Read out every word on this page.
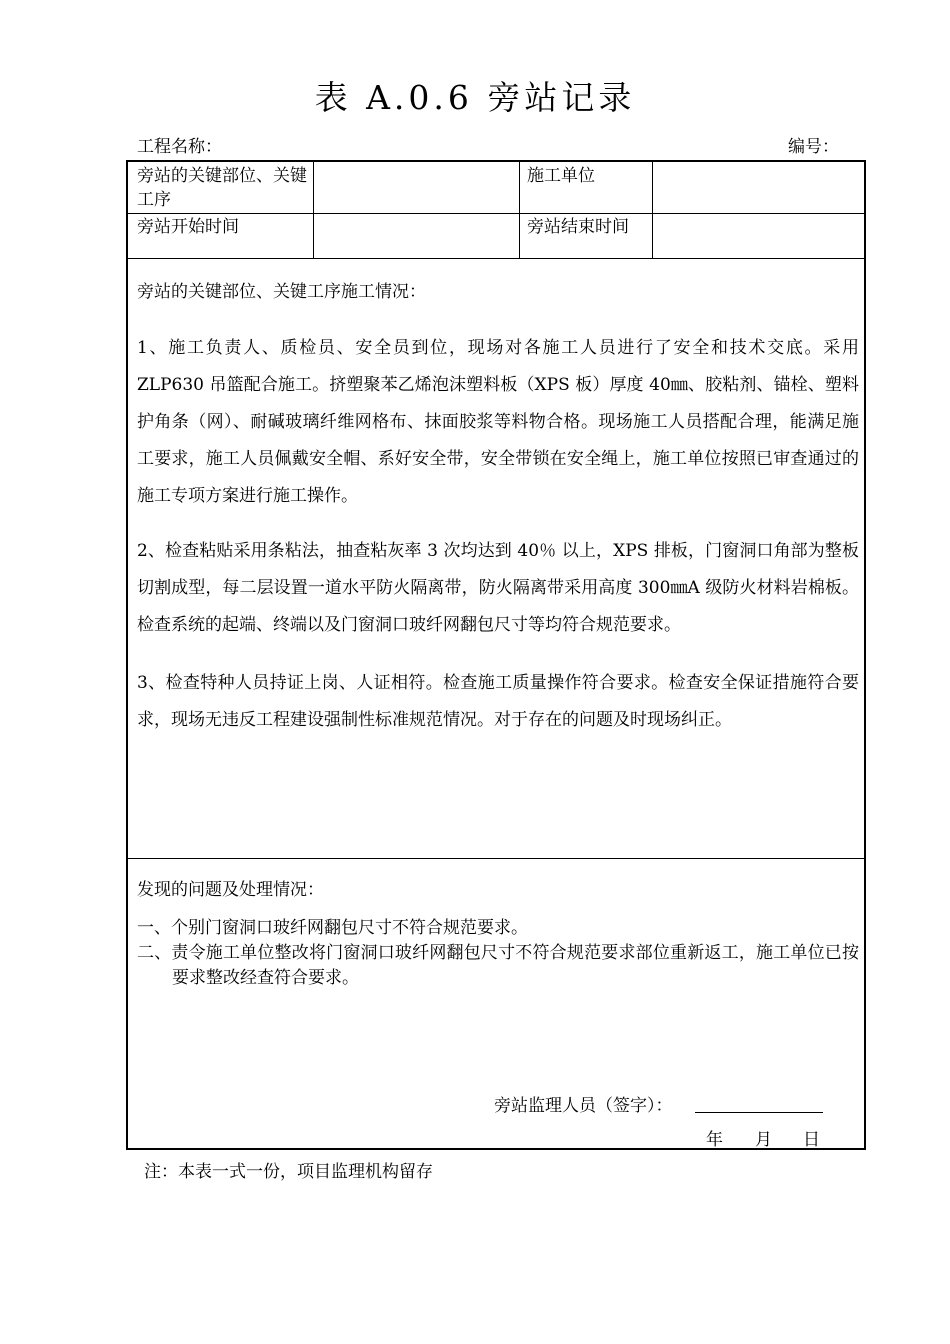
表 A.0.6 旁站记录
工程名称：	编号：
旁站的关键部位、关键工序
施工单位
旁站开始时间	旁站结束时间
旁站的关键部位、关键工序施工情况：
1、施工负责人、质检员、安全员到位，现场对各施工人员进行了安全和技术交底。采用 ZLP630 吊篮配合施工。挤塑聚苯乙烯泡沫塑料板（XPS 板）厚度 40㎜、胶粘剂、锚栓、塑料护角条（网）、耐碱玻璃纤维网格布、抹面胶浆等料物合格。现场施工人员搭配合理，能满足施工要求，施工人员佩戴安全帽、系好安全带，安全带锁在安全绳上，施工单位按照已审查通过的施工专项方案进行施工操作。
2、检查粘贴采用条粘法，抽查粘灰率 3 次均达到 40％ 以上，XPS 排板，门窗洞口角部为整板切割成型，每二层设置一道水平防火隔离带，防火隔离带采用高度 300㎜A 级防火材料岩棉板。检查系统的起端、终端以及门窗洞口玻纤网翻包尺寸等均符合规范要求。
3、检查特种人员持证上岗、人证相符。检查施工质量操作符合要求。检查安全保证措施符合要求，现场无违反工程建设强制性标准规范情况。对于存在的问题及时现场纠正。
发现的问题及处理情况：
一、个别门窗洞口玻纤网翻包尺寸不符合规范要求。
二、责令施工单位整改将门窗洞口玻纤网翻包尺寸不符合规范要求部位重新返工，施工单位已按要求整改经查符合要求。
旁站监理人员（签字）：
年 月 日
注：本表一式一份，项目监理机构留存
